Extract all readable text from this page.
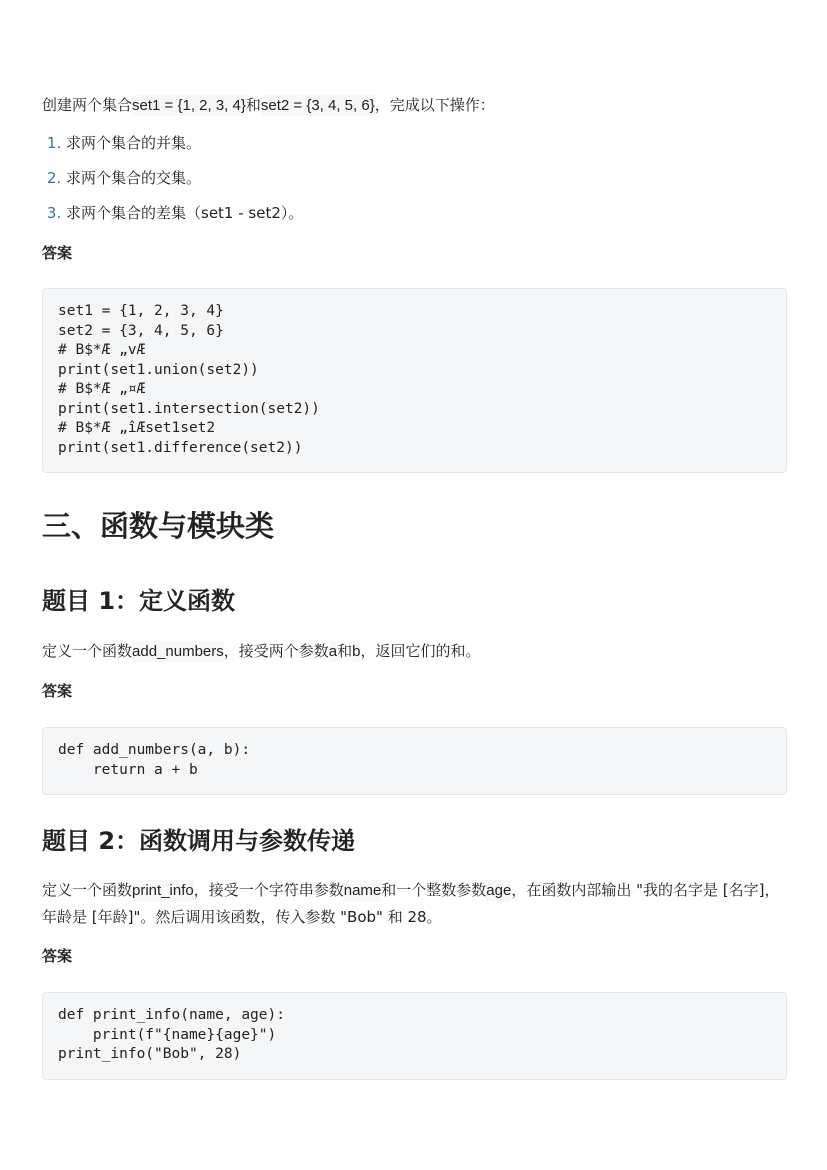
创建两个集合set1 = {1, 2, 3, 4}和set2 = {3, 4, 5, 6}，完成以下操作：

1. 求两个集合的并集。
2. 求两个集合的交集。
3. 求两个集合的差集（set1 - set2）。

答案

set1 = {1, 2, 3, 4}
set2 = {3, 4, 5, 6}
# B$*Æ „vÆ
print(set1.union(set2))
# B$*Æ „¤Æ
print(set1.intersection(set2))
# B$*Æ „îÆset1set2
print(set1.difference(set2))
三、函数与模块类
题目 1：定义函数

定义一个函数add_numbers，接受两个参数a和b，返回它们的和。

答案

def add_numbers(a, b):
return a + b
题目 2：函数调用与参数传递

定义一个函数print_info，接受一个字符串参数name和一个整数参数age，在函数内部输出 "我的名字是 [名字]，年龄是 [年龄]"。然后调用该函数，传入参数 "Bob" 和 28。

答案

def print_info(name, age):
print(f"{name}{age}")
print_info("Bob", 28)
